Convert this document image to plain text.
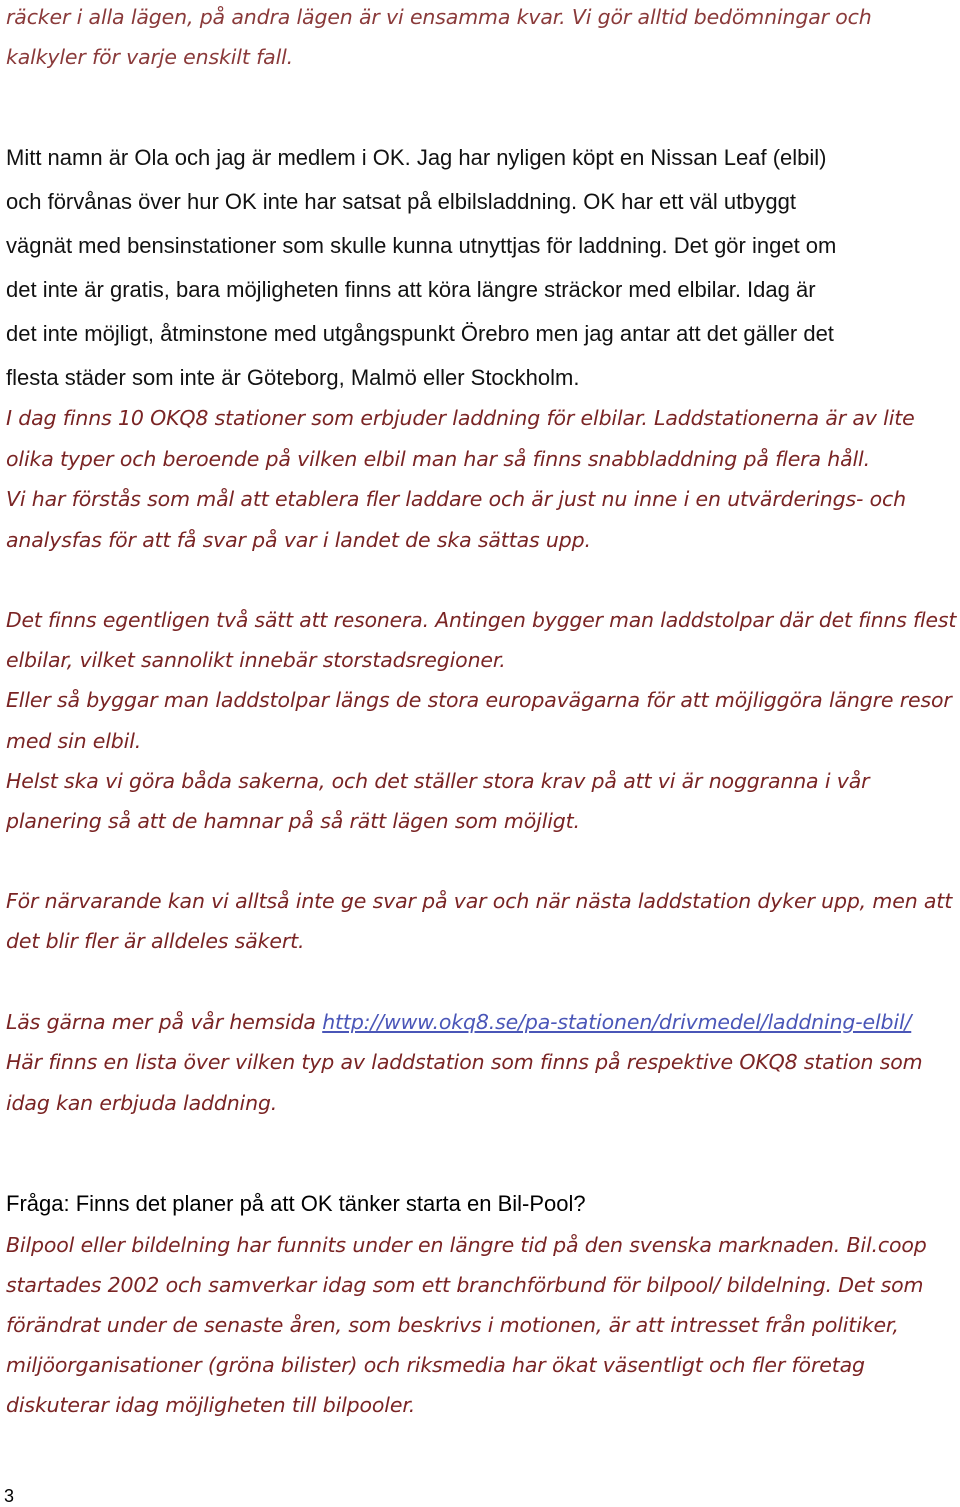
räcker i alla lägen, på andra lägen är vi ensamma kvar. Vi gör alltid bedömningar och
kalkyler för varje enskilt fall.
Mitt namn är Ola och jag är medlem i OK. Jag har nyligen köpt en Nissan Leaf (elbil)
och förvånas över hur OK inte har satsat på elbilsladdning. OK har ett väl utbyggt
vägnät med bensinstationer som skulle kunna utnyttjas för laddning. Det gör inget om
det inte är gratis, bara möjligheten finns att köra längre sträckor med elbilar. Idag är
det inte möjligt, åtminstone med utgångspunkt Örebro men jag antar att det gäller det
flesta städer som inte är Göteborg, Malmö eller Stockholm.
I dag finns 10 OKQ8 stationer som erbjuder laddning för elbilar. Laddstationerna är av lite
olika typer och beroende på vilken elbil man har så finns snabbladdning på flera håll.
Vi har förstås som mål att etablera fler laddare och är just nu inne i en utvärderings- och
analysfas för att få svar på var i landet de ska sättas upp.
Det finns egentligen två sätt att resonera. Antingen bygger man laddstolpar där det finns flest
elbilar, vilket sannolikt innebär storstadsregioner.
Eller så byggar man laddstolpar längs de stora europavägarna för att möjliggöra längre resor
med sin elbil.
Helst ska vi göra båda sakerna, och det ställer stora krav på att vi är noggranna i vår
planering så att de hamnar på så rätt lägen som möjligt.
För närvarande kan vi alltså inte ge svar på var och när nästa laddstation dyker upp, men att
det blir fler är alldeles säkert.
Läs gärna mer på vår hemsida http://www.okq8.se/pa-stationen/drivmedel/laddning-elbil/
Här finns en lista över vilken typ av laddstation som finns på respektive OKQ8 station som
idag kan erbjuda laddning.
Fråga: Finns det planer på att OK tänker starta en Bil-Pool?
Bilpool eller bildelning har funnits under en längre tid på den svenska marknaden. Bil.coop
startades 2002 och samverkar idag som ett branchförbund för bilpool/ bildelning. Det som
förändrat under de senaste åren, som beskrivs i motionen, är att intresset från politiker,
miljöorganisationer (gröna bilister) och riksmedia har ökat väsentligt och fler företag
diskuterar idag möjligheten till bilpooler.
3
